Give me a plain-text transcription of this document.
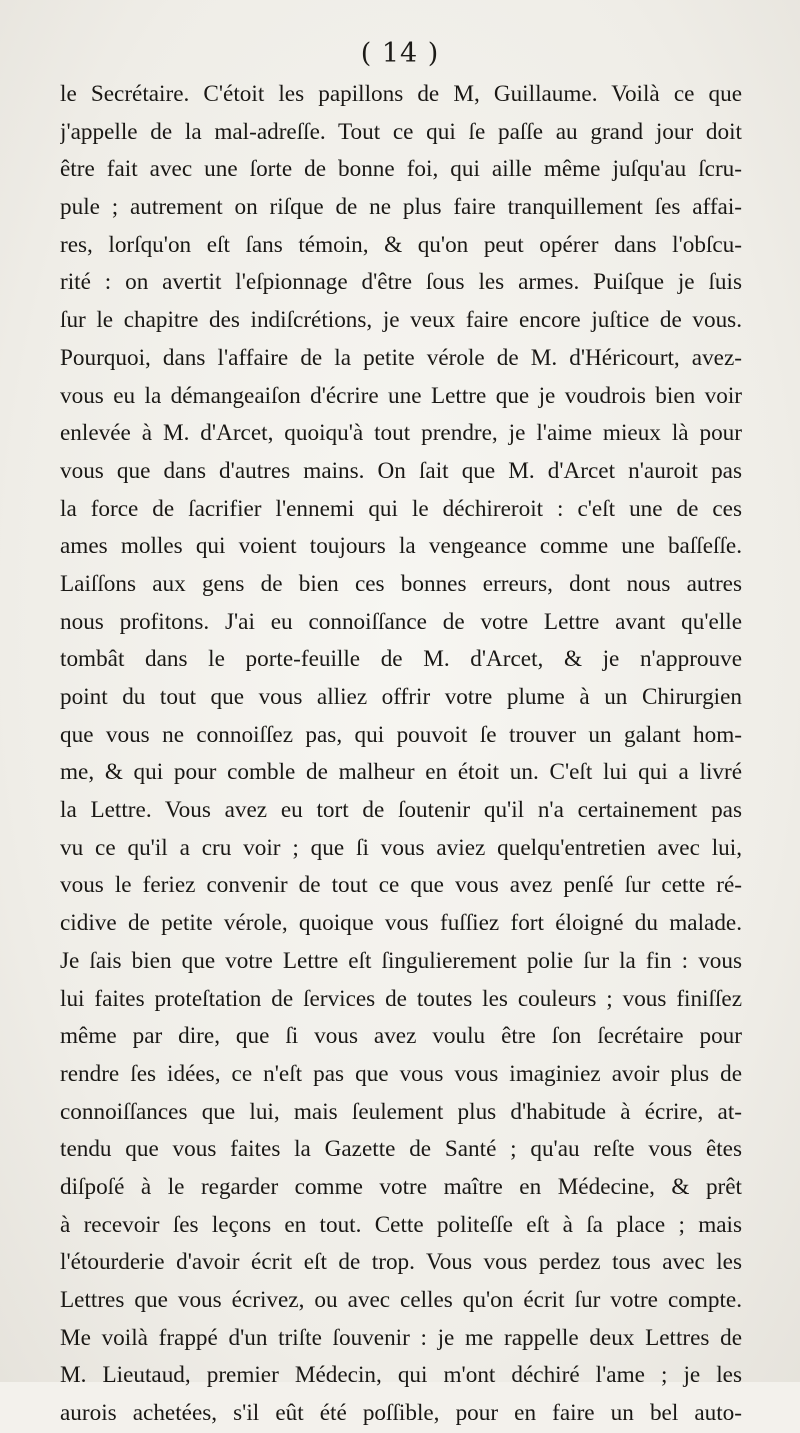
( 14 )
le Secrétaire. C'étoit les papillons de M, Guillaume. Voilà ce que
j'appelle de la mal-adreſſe. Tout ce qui ſe paſſe au grand jour doit
être fait avec une ſorte de bonne foi, qui aille même juſqu'au ſcru-
pule ; autrement on riſque de ne plus faire tranquillement ſes affai-
res, lorſqu'on eſt ſans témoin, & qu'on peut opérer dans l'obſcu-
rité : on avertit l'eſpionnage d'être ſous les armes. Puiſque je ſuis
ſur le chapitre des indiſcrétions, je veux faire encore juſtice de vous.
Pourquoi, dans l'affaire de la petite vérole de M. d'Héricourt, avez-
vous eu la démangeaiſon d'écrire une Lettre que je voudrois bien voir
enlevée à M. d'Arcet, quoiqu'à tout prendre, je l'aime mieux là pour
vous que dans d'autres mains. On ſait que M. d'Arcet n'auroit pas
la force de ſacrifier l'ennemi qui le déchireroit : c'eſt une de ces
ames molles qui voient toujours la vengeance comme une baſſeſſe.
Laiſſons aux gens de bien ces bonnes erreurs, dont nous autres
nous profitons. J'ai eu connoiſſance de votre Lettre avant qu'elle
tombât dans le porte-feuille de M. d'Arcet, & je n'approuve
point du tout que vous alliez offrir votre plume à un Chirurgien
que vous ne connoiſſez pas, qui pouvoit ſe trouver un galant hom-
me, & qui pour comble de malheur en étoit un. C'eſt lui qui a livré
la Lettre. Vous avez eu tort de ſoutenir qu'il n'a certainement pas
vu ce qu'il a cru voir ; que ſi vous aviez quelqu'entretien avec lui,
vous le feriez convenir de tout ce que vous avez penſé ſur cette ré-
cidive de petite vérole, quoique vous fuſſiez fort éloigné du malade.
Je ſais bien que votre Lettre eſt ſingulierement polie ſur la fin : vous
lui faites proteſtation de ſervices de toutes les couleurs ; vous finiſſez
même par dire, que ſi vous avez voulu être ſon ſecrétaire pour
rendre ſes idées, ce n'eſt pas que vous vous imaginiez avoir plus de
connoiſſances que lui, mais ſeulement plus d'habitude à écrire, at-
tendu que vous faites la Gazette de Santé ; qu'au reſte vous êtes
diſpoſé à le regarder comme votre maître en Médecine, & prêt
à recevoir ſes leçons en tout. Cette politeſſe eſt à ſa place ; mais
l'étourderie d'avoir écrit eſt de trop. Vous vous perdez tous avec les
Lettres que vous écrivez, ou avec celles qu'on écrit ſur votre compte.
Me voilà frappé d'un triſte ſouvenir : je me rappelle deux Lettres de
M. Lieutaud, premier Médecin, qui m'ont déchiré l'ame ; je les
aurois achetées, s'il eût été poſſible, pour en faire un bel auto-
